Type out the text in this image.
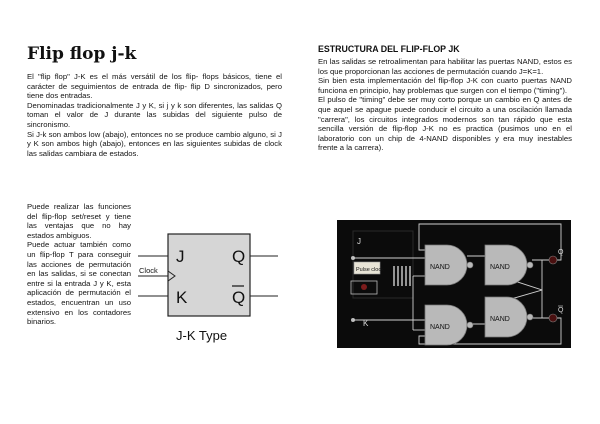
Flip flop j-k

El "flip flop" J-K es el más versátil de los flip- flops básicos, tiene el carácter de seguimientos de entrada de flip- flip D sincronizados, pero tiene dos entradas.

Denominadas tradicionalmente J y K, si j y k son diferentes, las salidas Q toman el valor de J durante las subidas del siguiente pulso de sincronismo.

Si J-k son ambos low (abajo), entonces no se produce cambio alguno, si J y K son ambos high (abajo), entonces en las siguientes subidas de clock las salidas cambiara de estados.

Puede realizar las funciones del flip-flop set/reset y tiene las ventajas que no hay estados ambiguos.

Puede actuar también como un flip-flop T para conseguir las acciones de permutación en las salidas, si se conectan entre si la entrada J y K, esta aplicación de permutación el estados, encuentran un uso extensivo en los contadores binarios.

J
K
Q
Q
Clock
J-K Type
ESTRUCTURA DEL FLIP-FLOP JK

En las salidas se retroalimentan para habilitar las puertas NAND, estos es los que proporcionan las acciones de permutación cuando J=K=1.

Sin bien esta implementación del flip-flop J-K con cuarto puertas NAND funciona en principio, hay problemas que surgen con el tiempo ("timing").

El pulso de "timing" debe ser muy corto porque un cambio en Q antes de que aquel se apague puede conducir el circuito a una oscilación llamada "carrera", los circuitos integrados modernos son tan rápido que esta sencilla versión de flip-flop J-K no es practica (pusimos uno en el laboratorio con un chip de 4-NAND disponibles y era muy inestables frente a la carrera).

Pulse clock
J
K
NAND	NAND
NAND
NAND
Q
Q
